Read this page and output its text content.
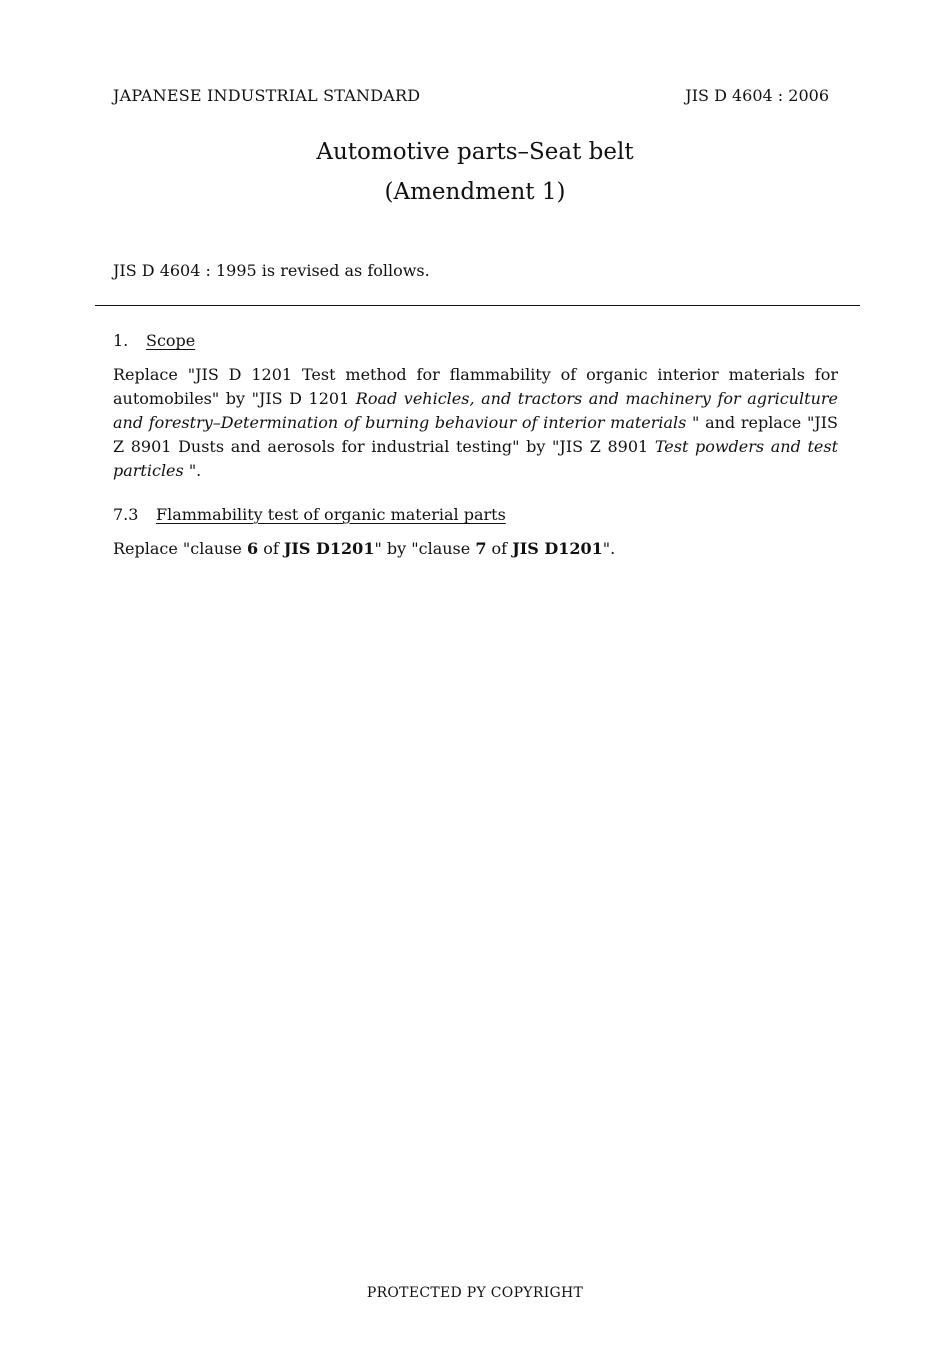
JAPANESE INDUSTRIAL STANDARD	JIS D 4604 : 2006
Automotive parts–Seat belt
(Amendment 1)
JIS D 4604 : 1995 is revised as follows.
1. Scope
Replace "JIS D 1201 Test method for flammability of organic interior materials for automobiles" by "JIS D 1201 Road vehicles, and tractors and machinery for agriculture and forestry–Determination of burning behaviour of interior materials " and replace "JIS Z 8901 Dusts and aerosols for industrial testing" by "JIS Z 8901 Test powders and test particles ".
7.3 Flammability test of organic material parts
Replace "clause 6 of JIS D1201" by "clause 7 of JIS D1201".
PROTECTED PY COPYRIGHT
